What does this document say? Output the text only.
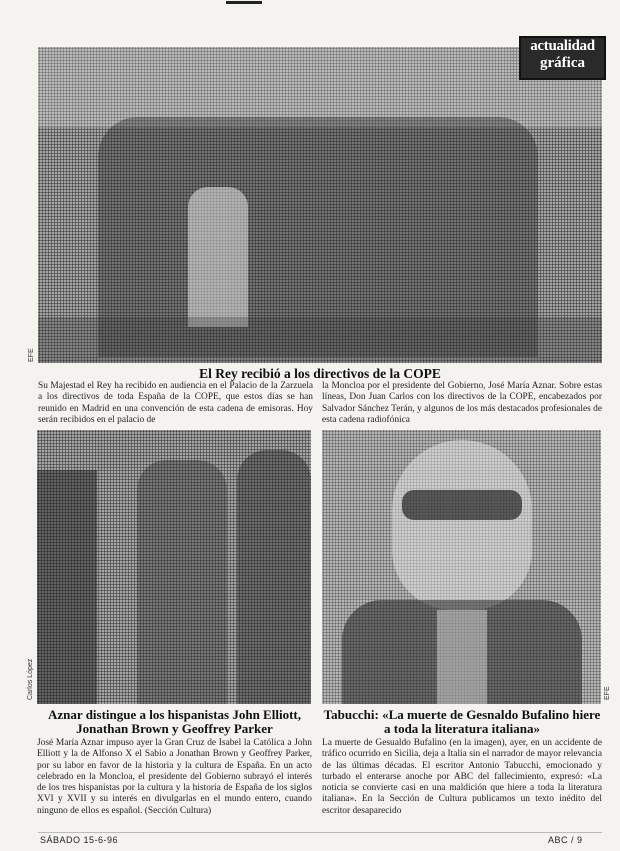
EFE
actualidad
gráfica
El Rey recibió a los directivos de la COPE
Su Majestad el Rey ha recibido en audiencia en el Palacio de la Zarzuela a los directivos de toda España de la COPE, que estos días se han reunido en Madrid en una convención de esta cadena de emisoras. Hoy serán recibidos en el palacio de
la Moncloa por el presidente del Gobierno, José María Aznar. Sobre estas líneas, Don Juan Carlos con los directivos de la COPE, encabezados por Salvador Sánchez Terán, y algunos de los más destacados profesionales de esta cadena radiofónica
Carlos López	EFE
Aznar distingue a los hispanistas John Elliott, Jonathan Brown y Geoffrey Parker
José María Aznar impuso ayer la Gran Cruz de Isabel la Católica a John Elliott y la de Alfonso X el Sabio a Jonathan Brown y Geoffrey Parker, por su labor en favor de la historia y la cultura de España. En un acto celebrado en la Moncloa, el presidente del Gobierno subrayó el interés de los tres hispanistas por la cultura y la historia de España de los siglos XVI y XVII y su interés en divulgarlas en el mundo entero, cuando ninguno de ellos es español. (Sección Cultura)
Tabucchi: «La muerte de Gesnaldo Bufalino hiere a toda la literatura italiana»
La muerte de Gesualdo Bufalino (en la imagen), ayer, en un accidente de tráfico ocurrido en Sicilia, deja a Italia sin el narrador de mayor relevancia de las últimas décadas. El escritor Antonio Tabucchi, emocionado y turbado el enterarse anoche por ABC del fallecimiento, expresó: «La noticia se convierte casi en una maldición que hiere a toda la literatura italiana». En la Sección de Cultura publicamos un texto inédito del escritor desaparecido
SÁBADO 15-6-96	ABC / 9
